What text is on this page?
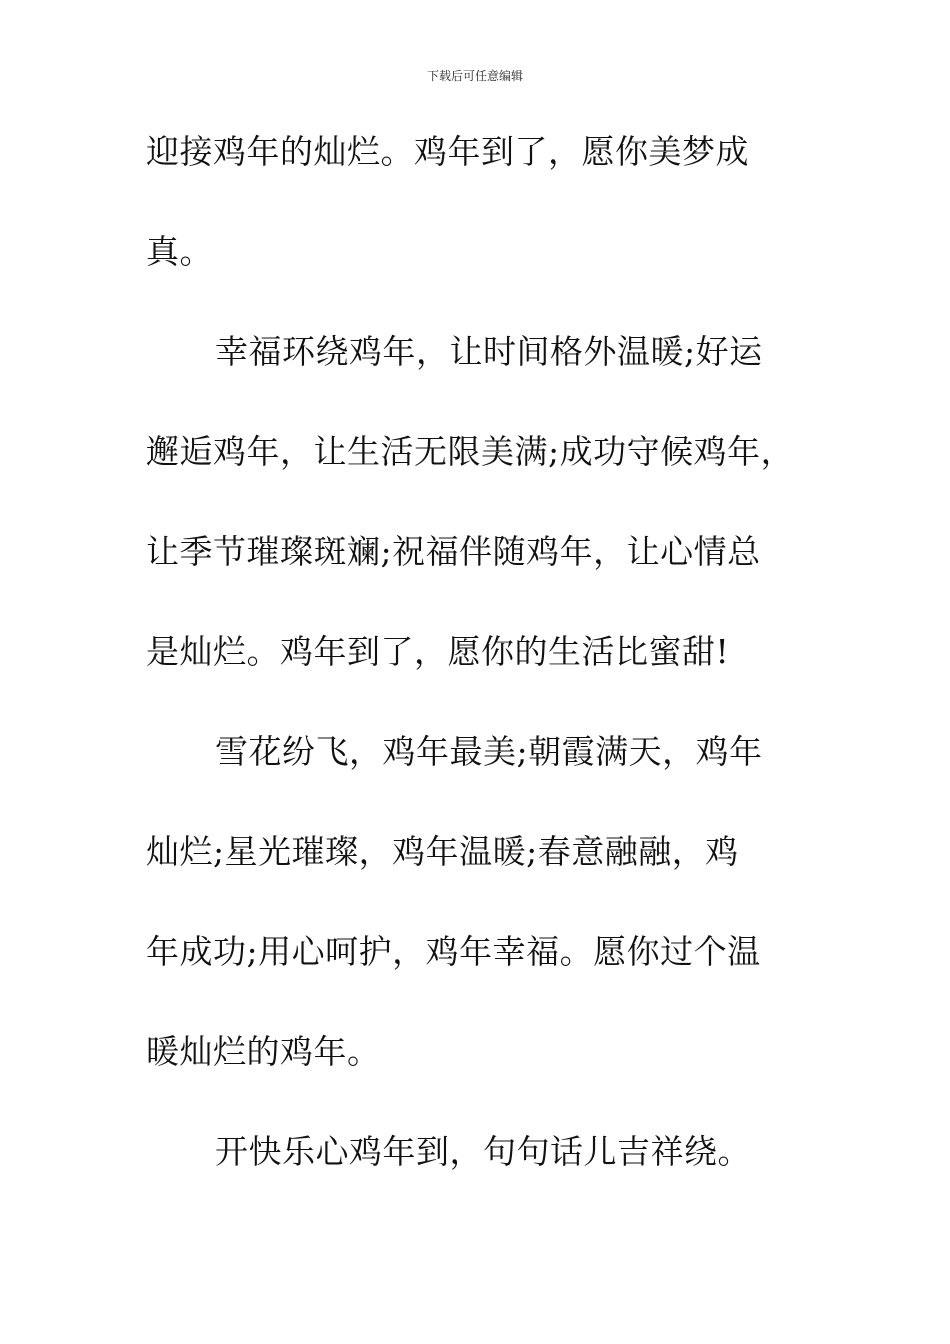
下载后可任意编辑
迎接鸡年的灿烂。鸡年到了，愿你美梦成
真。
幸福环绕鸡年，让时间格外温暖;好运
邂逅鸡年，让生活无限美满;成功守候鸡年，
让季节璀璨斑斓;祝福伴随鸡年，让心情总
是灿烂。鸡年到了，愿你的生活比蜜甜!
雪花纷飞，鸡年最美;朝霞满天，鸡年
灿烂;星光璀璨，鸡年温暖;春意融融，鸡
年成功;用心呵护，鸡年幸福。愿你过个温
暖灿烂的鸡年。
开快乐心鸡年到，句句话儿吉祥绕。
